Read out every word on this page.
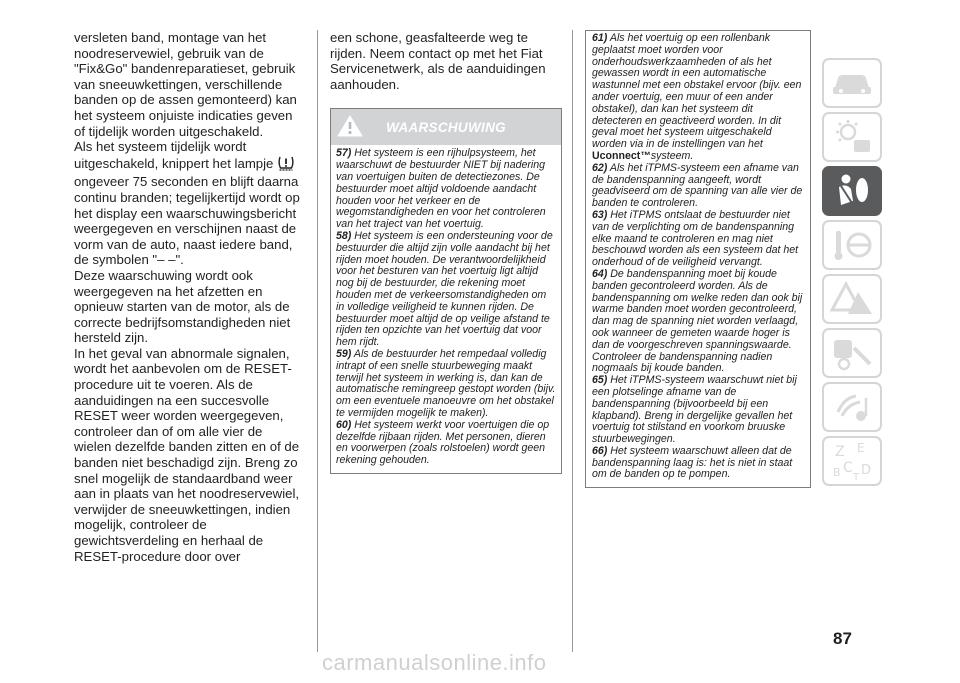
versleten band, montage van het noodreservewiel, gebruik van de "Fix&Go" bandenreparatieset, gebruik van sneeuwkettingen, verschillende banden op de assen gemonteerd) kan het systeem onjuiste indicaties geven of tijdelijk worden uitgeschakeld.

Als het systeem tijdelijk wordt uitgeschakeld, knippert het lampje  ongeveer 75 seconden en blijft daarna continu branden; tegelijkertijd wordt op het display een waarschuwingsbericht weergegeven en verschijnen naast de vorm van de auto, naast iedere band, de symbolen "– –".

Deze waarschuwing wordt ook weergegeven na het afzetten en opnieuw starten van de motor, als de correcte bedrijfsomstandigheden niet hersteld zijn.

In het geval van abnormale signalen, wordt het aanbevolen om de RESET-procedure uit te voeren. Als de aanduidingen na een succesvolle RESET weer worden weergegeven, controleer dan of om alle vier de wielen dezelfde banden zitten en of de banden niet beschadigd zijn. Breng zo snel mogelijk de standaardband weer aan in plaats van het noodreservewiel, verwijder de sneeuwkettingen, indien mogelijk, controleer de gewichtsverdeling en herhaal de RESET-procedure door over

een schone, geasfalteerde weg te rijden. Neem contact op met het Fiat Servicenetwerk, als de aanduidingen aanhouden.

WAARSCHUWING

57) Het systeem is een rijhulpsysteem, het waarschuwt de bestuurder NIET bij nadering van voertuigen buiten de detectiezones. De bestuurder moet altijd voldoende aandacht houden voor het verkeer en de wegomstandigheden en voor het controleren van het traject van het voertuig.

58) Het systeem is een ondersteuning voor de bestuurder die altijd zijn volle aandacht bij het rijden moet houden. De verantwoordelijkheid voor het besturen van het voertuig ligt altijd nog bij de bestuurder, die rekening moet houden met de verkeersomstandigheden om in volledige veiligheid te kunnen rijden. De bestuurder moet altijd de op veilige afstand te rijden ten opzichte van het voertuig dat voor hem rijdt.

59) Als de bestuurder het rempedaal volledig intrapt of een snelle stuurbeweging maakt terwijl het systeem in werking is, dan kan de automatische remingreep gestopt worden (bijv. om een eventuele manoeuvre om het obstakel te vermijden mogelijk te maken).

60) Het systeem werkt voor voertuigen die op dezelfde rijbaan rijden. Met personen, dieren en voorwerpen (zoals rolstoelen) wordt geen rekening gehouden.

61) Als het voertuig op een rollenbank geplaatst moet worden voor onderhoudswerkzaamheden of als het gewassen wordt in een automatische wastunnel met een obstakel ervoor (bijv. een ander voertuig, een muur of een ander obstakel), dan kan het systeem dit detecteren en geactiveerd worden. In dit geval moet het systeem uitgeschakeld worden via in de instellingen van het Uconnect™systeem.

62) Als het iTPMS-systeem een afname van de bandenspanning aangeeft, wordt geadviseerd om de spanning van alle vier de banden te controleren.

63) Het iTPMS ontslaat de bestuurder niet van de verplichting om de bandenspanning elke maand te controleren en mag niet beschouwd worden als een systeem dat het onderhoud of de veiligheid vervangt.

64) De bandenspanning moet bij koude banden gecontroleerd worden. Als de bandenspanning om welke reden dan ook bij warme banden moet worden gecontroleerd, dan mag de spanning niet worden verlaagd, ook wanneer de gemeten waarde hoger is dan de voorgeschreven spanningswaarde. Controleer de bandenspanning nadien nogmaals bij koude banden.

65) Het iTPMS-systeem waarschuwt niet bij een plotselinge afname van de bandenspanning (bijvoorbeeld bij een klapband). Breng in dergelijke gevallen het voertuig tot stilstand en voorkom bruuske stuurbewegingen.

66) Het systeem waarschuwt alleen dat de bandenspanning laag is: het is niet in staat om de banden op te pompen.

Z E
C D
B T
87
carmanualsonline.info
